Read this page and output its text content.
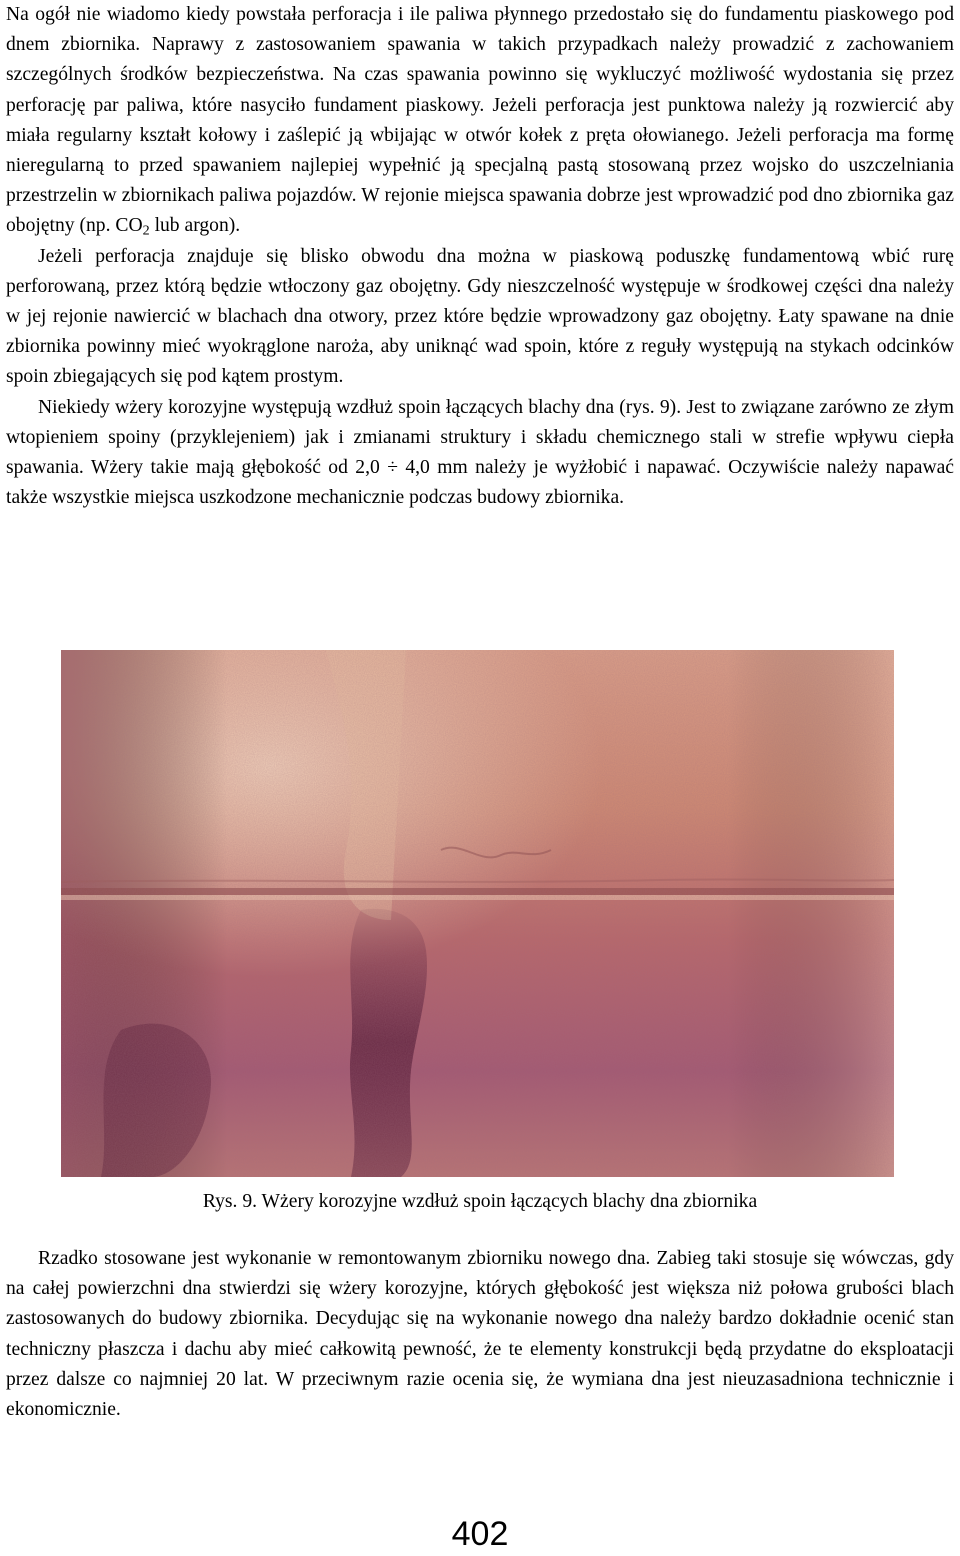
Na ogół nie wiadomo kiedy powstała perforacja i ile paliwa płynnego przedostało się do fundamentu piaskowego pod dnem zbiornika. Naprawy z zastosowaniem spawania w takich przypadkach należy prowadzić z zachowaniem szczególnych środków bezpieczeństwa. Na czas spawania powinno się wykluczyć możliwość wydostania się przez perforację par paliwa, które nasyciło fundament piaskowy. Jeżeli perforacja jest punktowa należy ją rozwiercić aby miała regularny kształt kołowy i zaślepić ją wbijając w otwór kołek z pręta ołowianego. Jeżeli perforacja ma formę nieregularną to przed spawaniem najlepiej wypełnić ją specjalną pastą stosowaną przez wojsko do uszczelniania przestrzelin w zbiornikach paliwa pojazdów. W rejonie miejsca spawania dobrze jest wprowadzić pod dno zbiornika gaz obojętny (np. $CO_2$ lub argon).

Jeżeli perforacja znajduje się blisko obwodu dna można w piaskową poduszkę fundamentową wbić rurę perforowaną, przez którą będzie wtłoczony gaz obojętny. Gdy nieszczelność występuje w środkowej części dna należy w jej rejonie nawiercić w blachach dna otwory, przez które będzie wprowadzony gaz obojętny. Łaty spawane na dnie zbiornika powinny mieć wyokrąglone naroża, aby uniknąć wad spoin, które z reguły występują na stykach odcinków spoin zbiegających się pod kątem prostym.

Niekiedy wżery korozyjne występują wzdłuż spoin łączących blachy dna (rys. 9). Jest to związane zarówno ze złym wtopieniem spoiny (przyklejeniem) jak i zmianami struktury i składu chemicznego stali w strefie wpływu ciepła spawania. Wżery takie mają głębokość od 2,0 ÷ 4,0 mm należy je wyżłobić i napawać. Oczywiście należy napawać także wszystkie miejsca uszkodzone mechanicznie podczas budowy zbiornika.

Rys. 9. Wżery korozyjne wzdłuż spoin łączących blachy dna zbiornika

Rzadko stosowane jest wykonanie w remontowanym zbiorniku nowego dna. Zabieg taki stosuje się wówczas, gdy na całej powierzchni dna stwierdzi się wżery korozyjne, których głębokość jest większa niż połowa grubości blach zastosowanych do budowy zbiornika. Decydując się na wykonanie nowego dna należy bardzo dokładnie ocenić stan techniczny płaszcza i dachu aby mieć całkowitą pewność, że te elementy konstrukcji będą przydatne do eksploatacji przez dalsze co najmniej 20 lat. W przeciwnym razie ocenia się, że wymiana dna jest nieuzasadniona technicznie i ekonomicznie.

402
